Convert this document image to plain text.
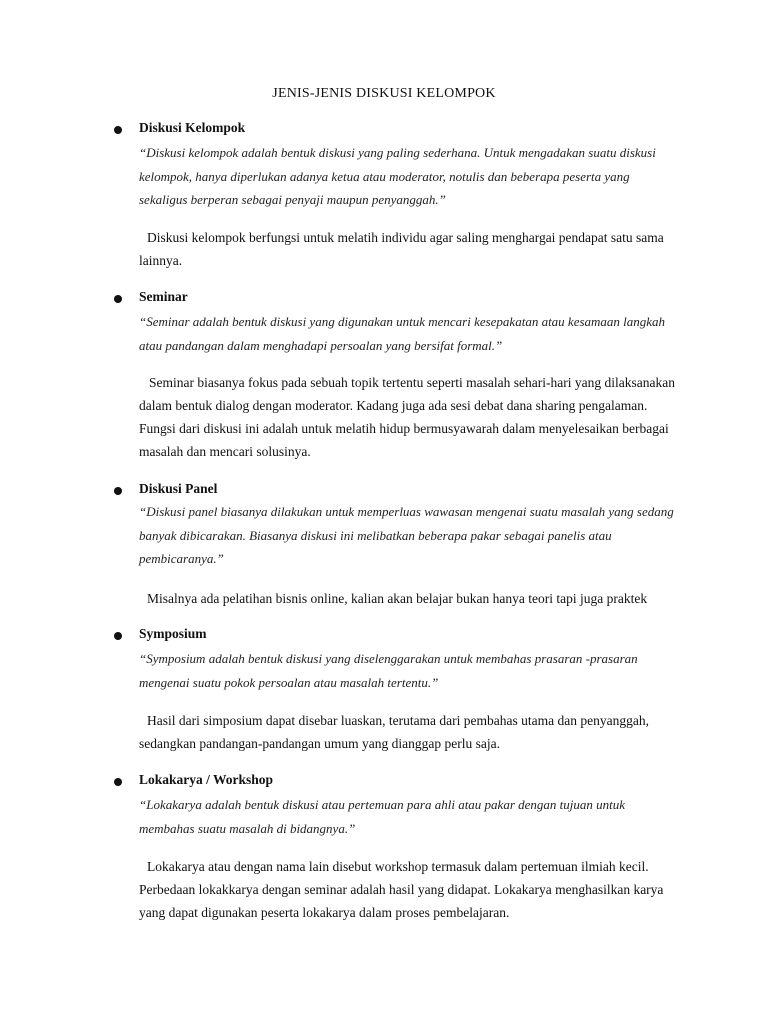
JENIS-JENIS DISKUSI KELOMPOK
Diskusi Kelompok
“Diskusi kelompok adalah bentuk diskusi yang paling sederhana. Untuk mengadakan suatu diskusi kelompok, hanya diperlukan adanya ketua atau moderator, notulis dan beberapa peserta yang sekaligus berperan sebagai penyaji maupun penyanggah.”
Diskusi kelompok berfungsi untuk melatih individu agar saling menghargai pendapat satu sama lainnya.
Seminar
“Seminar adalah bentuk diskusi yang digunakan untuk mencari kesepakatan atau kesamaan langkah atau pandangan dalam menghadapi persoalan yang bersifat formal.”
Seminar biasanya fokus pada sebuah topik tertentu seperti masalah sehari-hari yang dilaksanakan dalam bentuk dialog dengan moderator. Kadang juga ada sesi debat dana sharing pengalaman. Fungsi dari diskusi ini adalah untuk melatih hidup bermusyawarah dalam menyelesaikan berbagai masalah dan mencari solusinya.
Diskusi Panel
“Diskusi panel biasanya dilakukan untuk memperluas wawasan mengenai suatu masalah yang sedang banyak dibicarakan. Biasanya diskusi ini melibatkan beberapa pakar sebagai panelis atau pembicaranya.”
Misalnya ada pelatihan bisnis online, kalian akan belajar bukan hanya teori tapi juga praktek
Symposium
“Symposium adalah bentuk diskusi yang diselenggarakan untuk membahas prasaran -prasaran mengenai suatu pokok persoalan atau masalah tertentu.”
Hasil dari simposium dapat disebar luaskan, terutama dari pembahas utama dan penyanggah, sedangkan pandangan-pandangan umum yang dianggap perlu saja.
Lokakarya / Workshop
“Lokakarya adalah bentuk diskusi atau pertemuan para ahli atau pakar dengan tujuan untuk membahas suatu masalah di bidangnya.”
Lokakarya atau dengan nama lain disebut workshop termasuk dalam pertemuan ilmiah kecil. Perbedaan lokakkarya dengan seminar adalah hasil yang didapat. Lokakarya menghasilkan karya yang dapat digunakan peserta lokakarya dalam proses pembelajaran.
